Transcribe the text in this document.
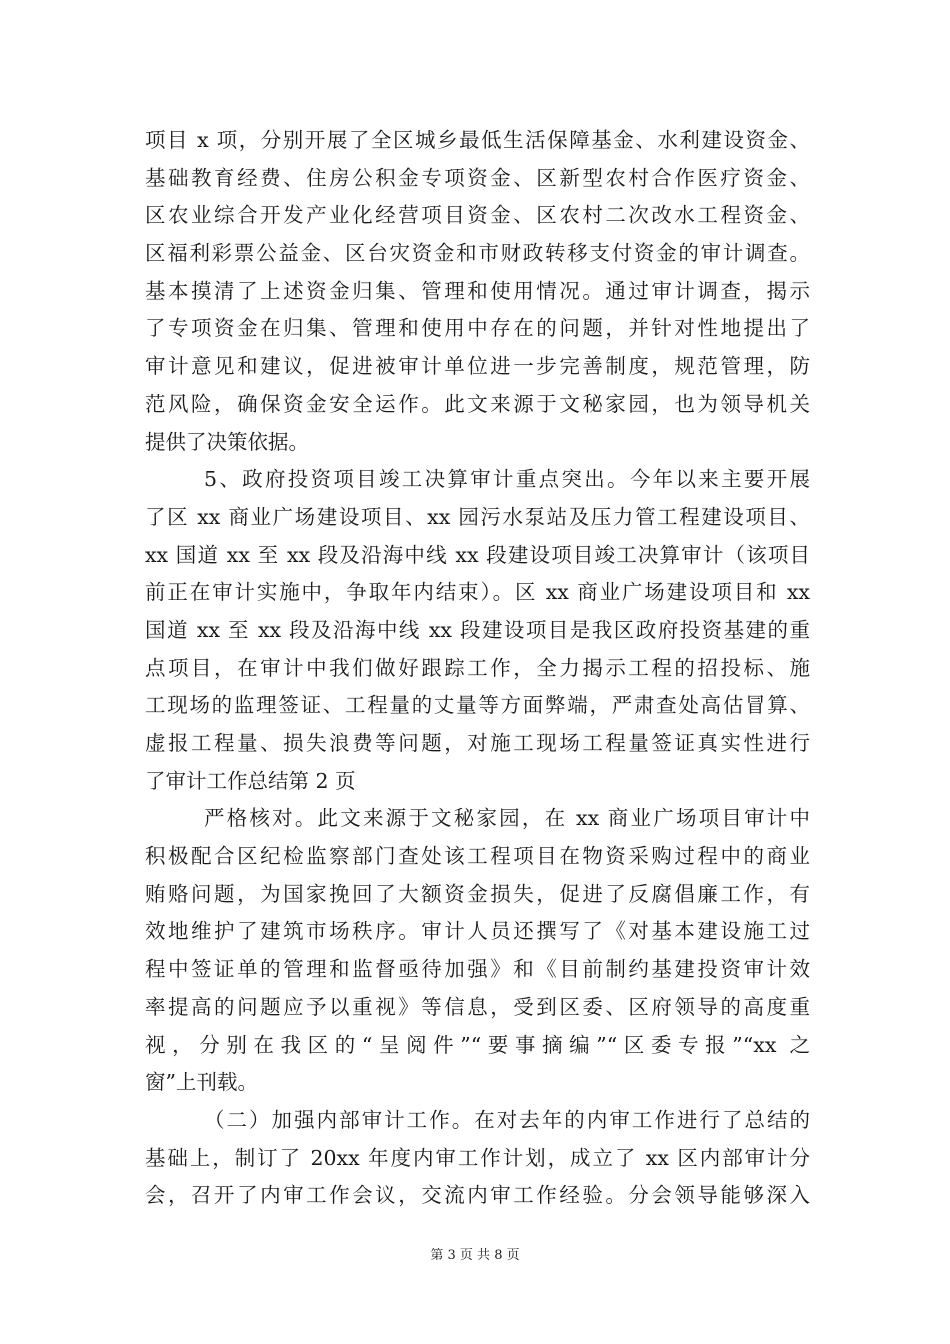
项目 x 项，分别开展了全区城乡最低生活保障基金、水利建设资金、
基础教育经费、住房公积金专项资金、区新型农村合作医疗资金、
区农业综合开发产业化经营项目资金、区农村二次改水工程资金、
区福利彩票公益金、区台灾资金和市财政转移支付资金的审计调查。
基本摸清了上述资金归集、管理和使用情况。通过审计调查，揭示
了专项资金在归集、管理和使用中存在的问题，并针对性地提出了
审计意见和建议，促进被审计单位进一步完善制度，规范管理，防
范风险，确保资金安全运作。此文来源于文秘家园，也为领导机关
提供了决策依据。
5、政府投资项目竣工决算审计重点突出。今年以来主要开展
了区 xx 商业广场建设项目、xx 园污水泵站及压力管工程建设项目、
xx 国道 xx 至 xx 段及沿海中线 xx 段建设项目竣工决算审计（该项目
前正在审计实施中，争取年内结束）。区 xx 商业广场建设项目和 xx
国道 xx 至 xx 段及沿海中线 xx 段建设项目是我区政府投资基建的重
点项目，在审计中我们做好跟踪工作，全力揭示工程的招投标、施
工现场的监理签证、工程量的丈量等方面弊端，严肃查处高估冒算、
虚报工程量、损失浪费等问题，对施工现场工程量签证真实性进行
了审计工作总结第 2 页
严格核对。此文来源于文秘家园，在 xx 商业广场项目审计中
积极配合区纪检监察部门查处该工程项目在物资采购过程中的商业
贿赂问题，为国家挽回了大额资金损失，促进了反腐倡廉工作，有
效地维护了建筑市场秩序。审计人员还撰写了《对基本建设施工过
程中签证单的管理和监督亟待加强》和《目前制约基建投资审计效
率提高的问题应予以重视》等信息，受到区委、区府领导的高度重
视，分别在我区的“呈阅件”“要事摘编”“区委专报”“xx 之
窗”上刊载。
（二）加强内部审计工作。在对去年的内审工作进行了总结的
基础上，制订了 20xx 年度内审工作计划，成立了 xx 区内部审计分
会，召开了内审工作会议，交流内审工作经验。分会领导能够深入
第 3 页 共 8 页
